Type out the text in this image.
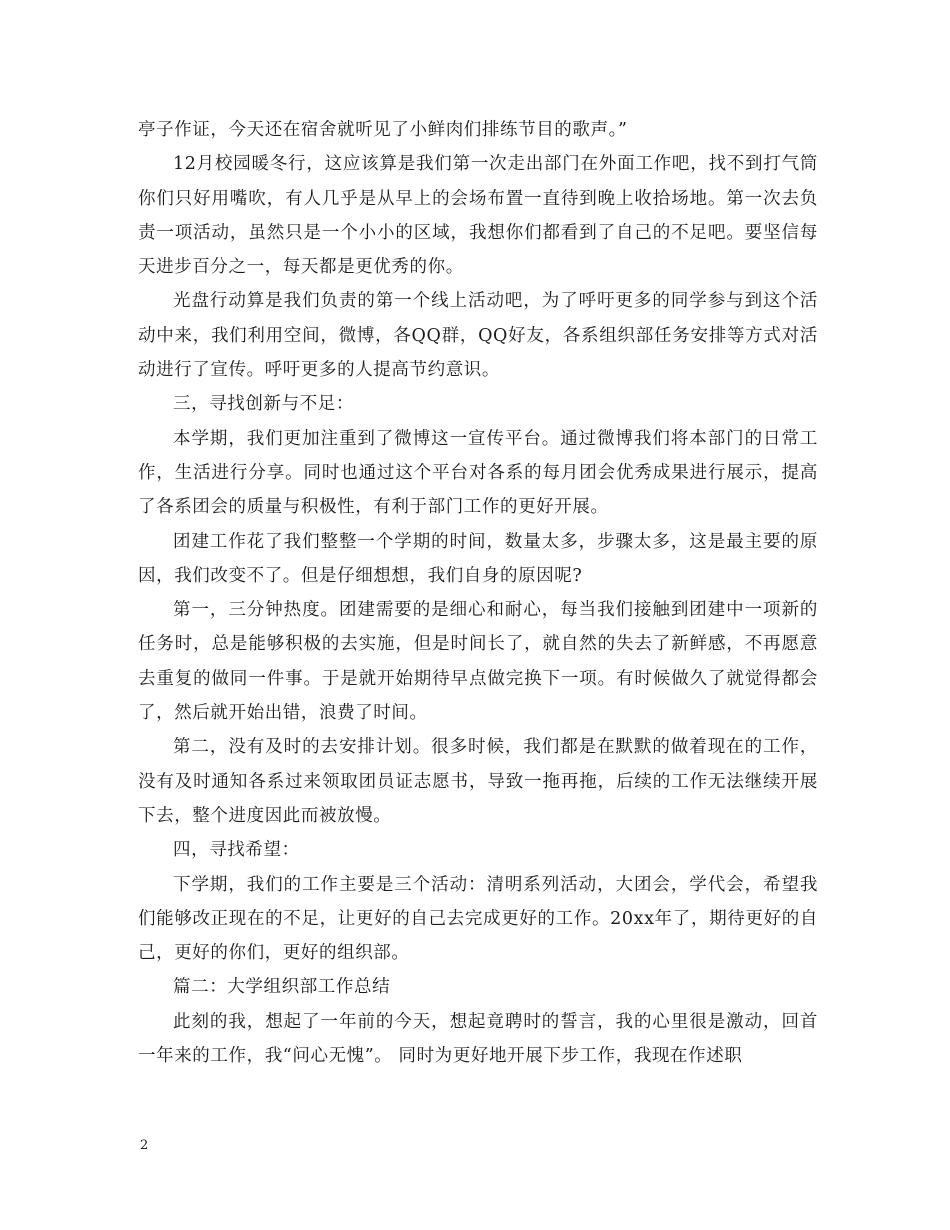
亭子作证，今天还在宿舍就听见了小鲜肉们排练节目的歌声。”

12月校园暖冬行，这应该算是我们第一次走出部门在外面工作吧，找不到打气筒你们只好用嘴吹，有人几乎是从早上的会场布置一直待到晚上收拾场地。第一次去负责一项活动，虽然只是一个小小的区域，我想你们都看到了自己的不足吧。要坚信每天进步百分之一，每天都是更优秀的你。

光盘行动算是我们负责的第一个线上活动吧，为了呼吁更多的同学参与到这个活动中来，我们利用空间，微博，各QQ群，QQ好友，各系组织部任务安排等方式对活动进行了宣传。呼吁更多的人提高节约意识。

三，寻找创新与不足：

本学期，我们更加注重到了微博这一宣传平台。通过微博我们将本部门的日常工作，生活进行分享。同时也通过这个平台对各系的每月团会优秀成果进行展示，提高了各系团会的质量与积极性，有利于部门工作的更好开展。

团建工作花了我们整整一个学期的时间，数量太多，步骤太多，这是最主要的原因，我们改变不了。但是仔细想想，我们自身的原因呢?

第一，三分钟热度。团建需要的是细心和耐心，每当我们接触到团建中一项新的任务时，总是能够积极的去实施，但是时间长了，就自然的失去了新鲜感，不再愿意去重复的做同一件事。于是就开始期待早点做完换下一项。有时候做久了就觉得都会了，然后就开始出错，浪费了时间。

第二，没有及时的去安排计划。很多时候，我们都是在默默的做着现在的工作，没有及时通知各系过来领取团员证志愿书，导致一拖再拖，后续的工作无法继续开展下去，整个进度因此而被放慢。

四，寻找希望：

下学期，我们的工作主要是三个活动：清明系列活动，大团会，学代会，希望我们能够改正现在的不足，让更好的自己去完成更好的工作。20xx年了，期待更好的自己，更好的你们，更好的组织部。

篇二：大学组织部工作总结

此刻的我，想起了一年前的今天，想起竟聘时的誓言，我的心里很是激动，回首一年来的工作，我“问心无愧”。 同时为更好地开展下步工作，我现在作述职

2
